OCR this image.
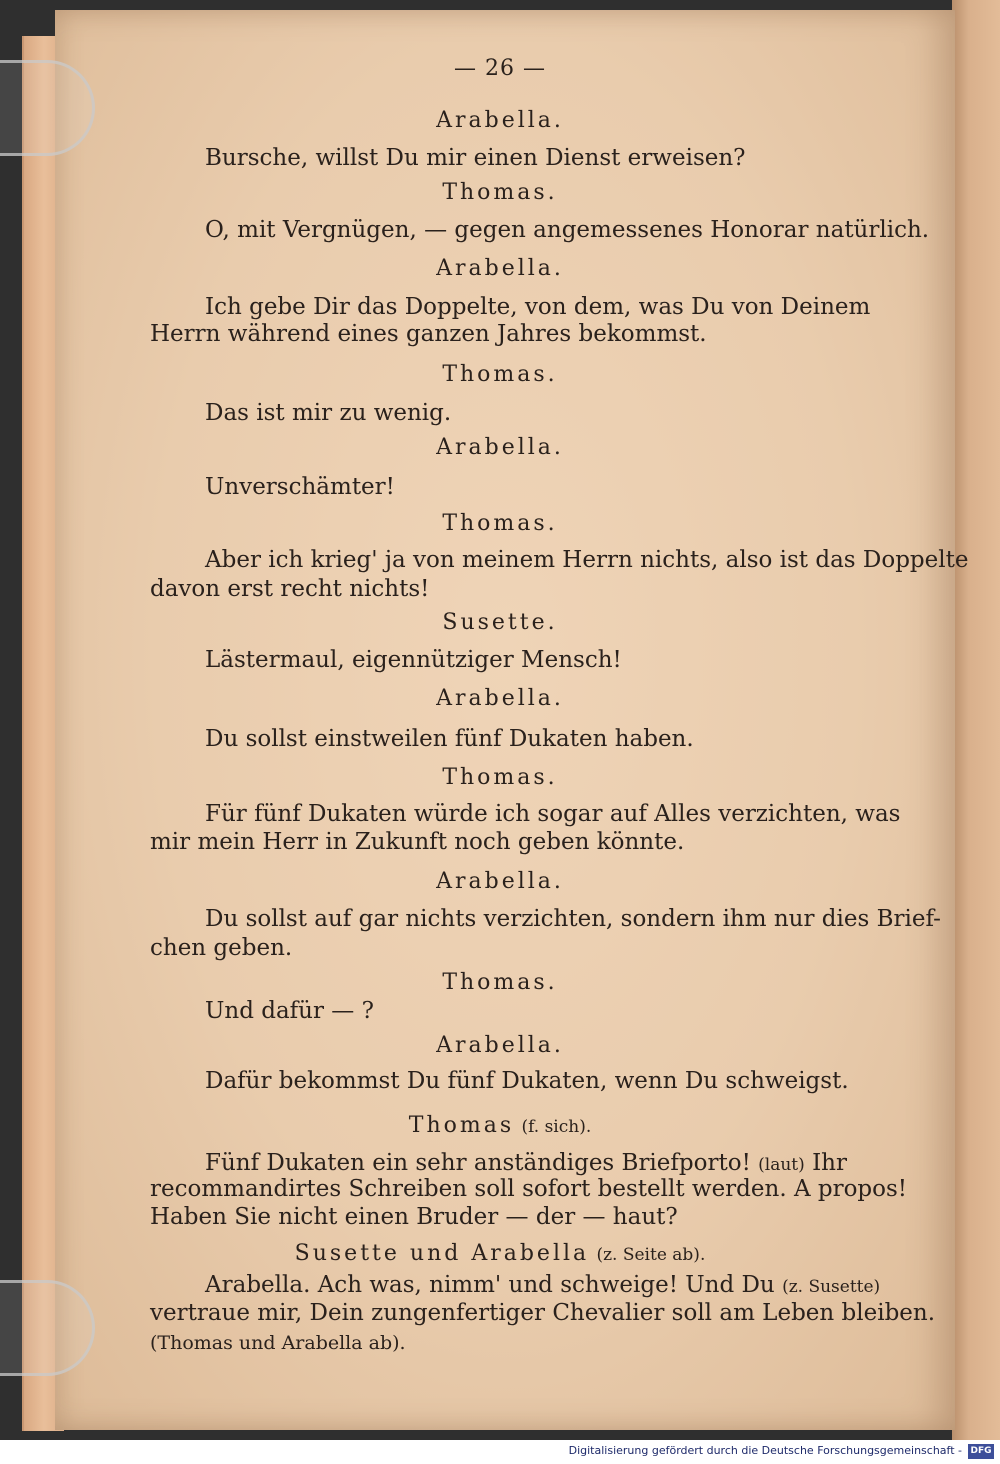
— 26 —
Arabella.
Bursche, willst Du mir einen Dienst erweisen?
Thomas.
O, mit Vergnügen, — gegen angemessenes Honorar natürlich.
Arabella.
Ich gebe Dir das Doppelte, von dem, was Du von Deinem
Herrn während eines ganzen Jahres bekommst.
Thomas.
Das ist mir zu wenig.
Arabella.
Unverschämter!
Thomas.
Aber ich krieg' ja von meinem Herrn nichts, also ist das Doppelte
davon erst recht nichts!
Susette.
Lästermaul, eigennütziger Mensch!
Arabella.
Du sollst einstweilen fünf Dukaten haben.
Thomas.
Für fünf Dukaten würde ich sogar auf Alles verzichten, was
mir mein Herr in Zukunft noch geben könnte.
Arabella.
Du sollst auf gar nichts verzichten, sondern ihm nur dies Brief-
chen geben.
Thomas.
Und dafür — ?
Arabella.
Dafür bekommst Du fünf Dukaten, wenn Du schweigst.
Thomas (f. sich).
Fünf Dukaten ein sehr anständiges Briefporto! (laut) Ihr
recommandirtes Schreiben soll sofort bestellt werden. A propos!
Haben Sie nicht einen Bruder — der — haut?
Susette und Arabella (z. Seite ab).
Arabella. Ach was, nimm' und schweige! Und Du (z. Susette)
vertraue mir, Dein zungenfertiger Chevalier soll am Leben bleiben.
(Thomas und Arabella ab).
Digitalisierung gefördert durch die Deutsche Forschungsgemeinschaft - DFG
